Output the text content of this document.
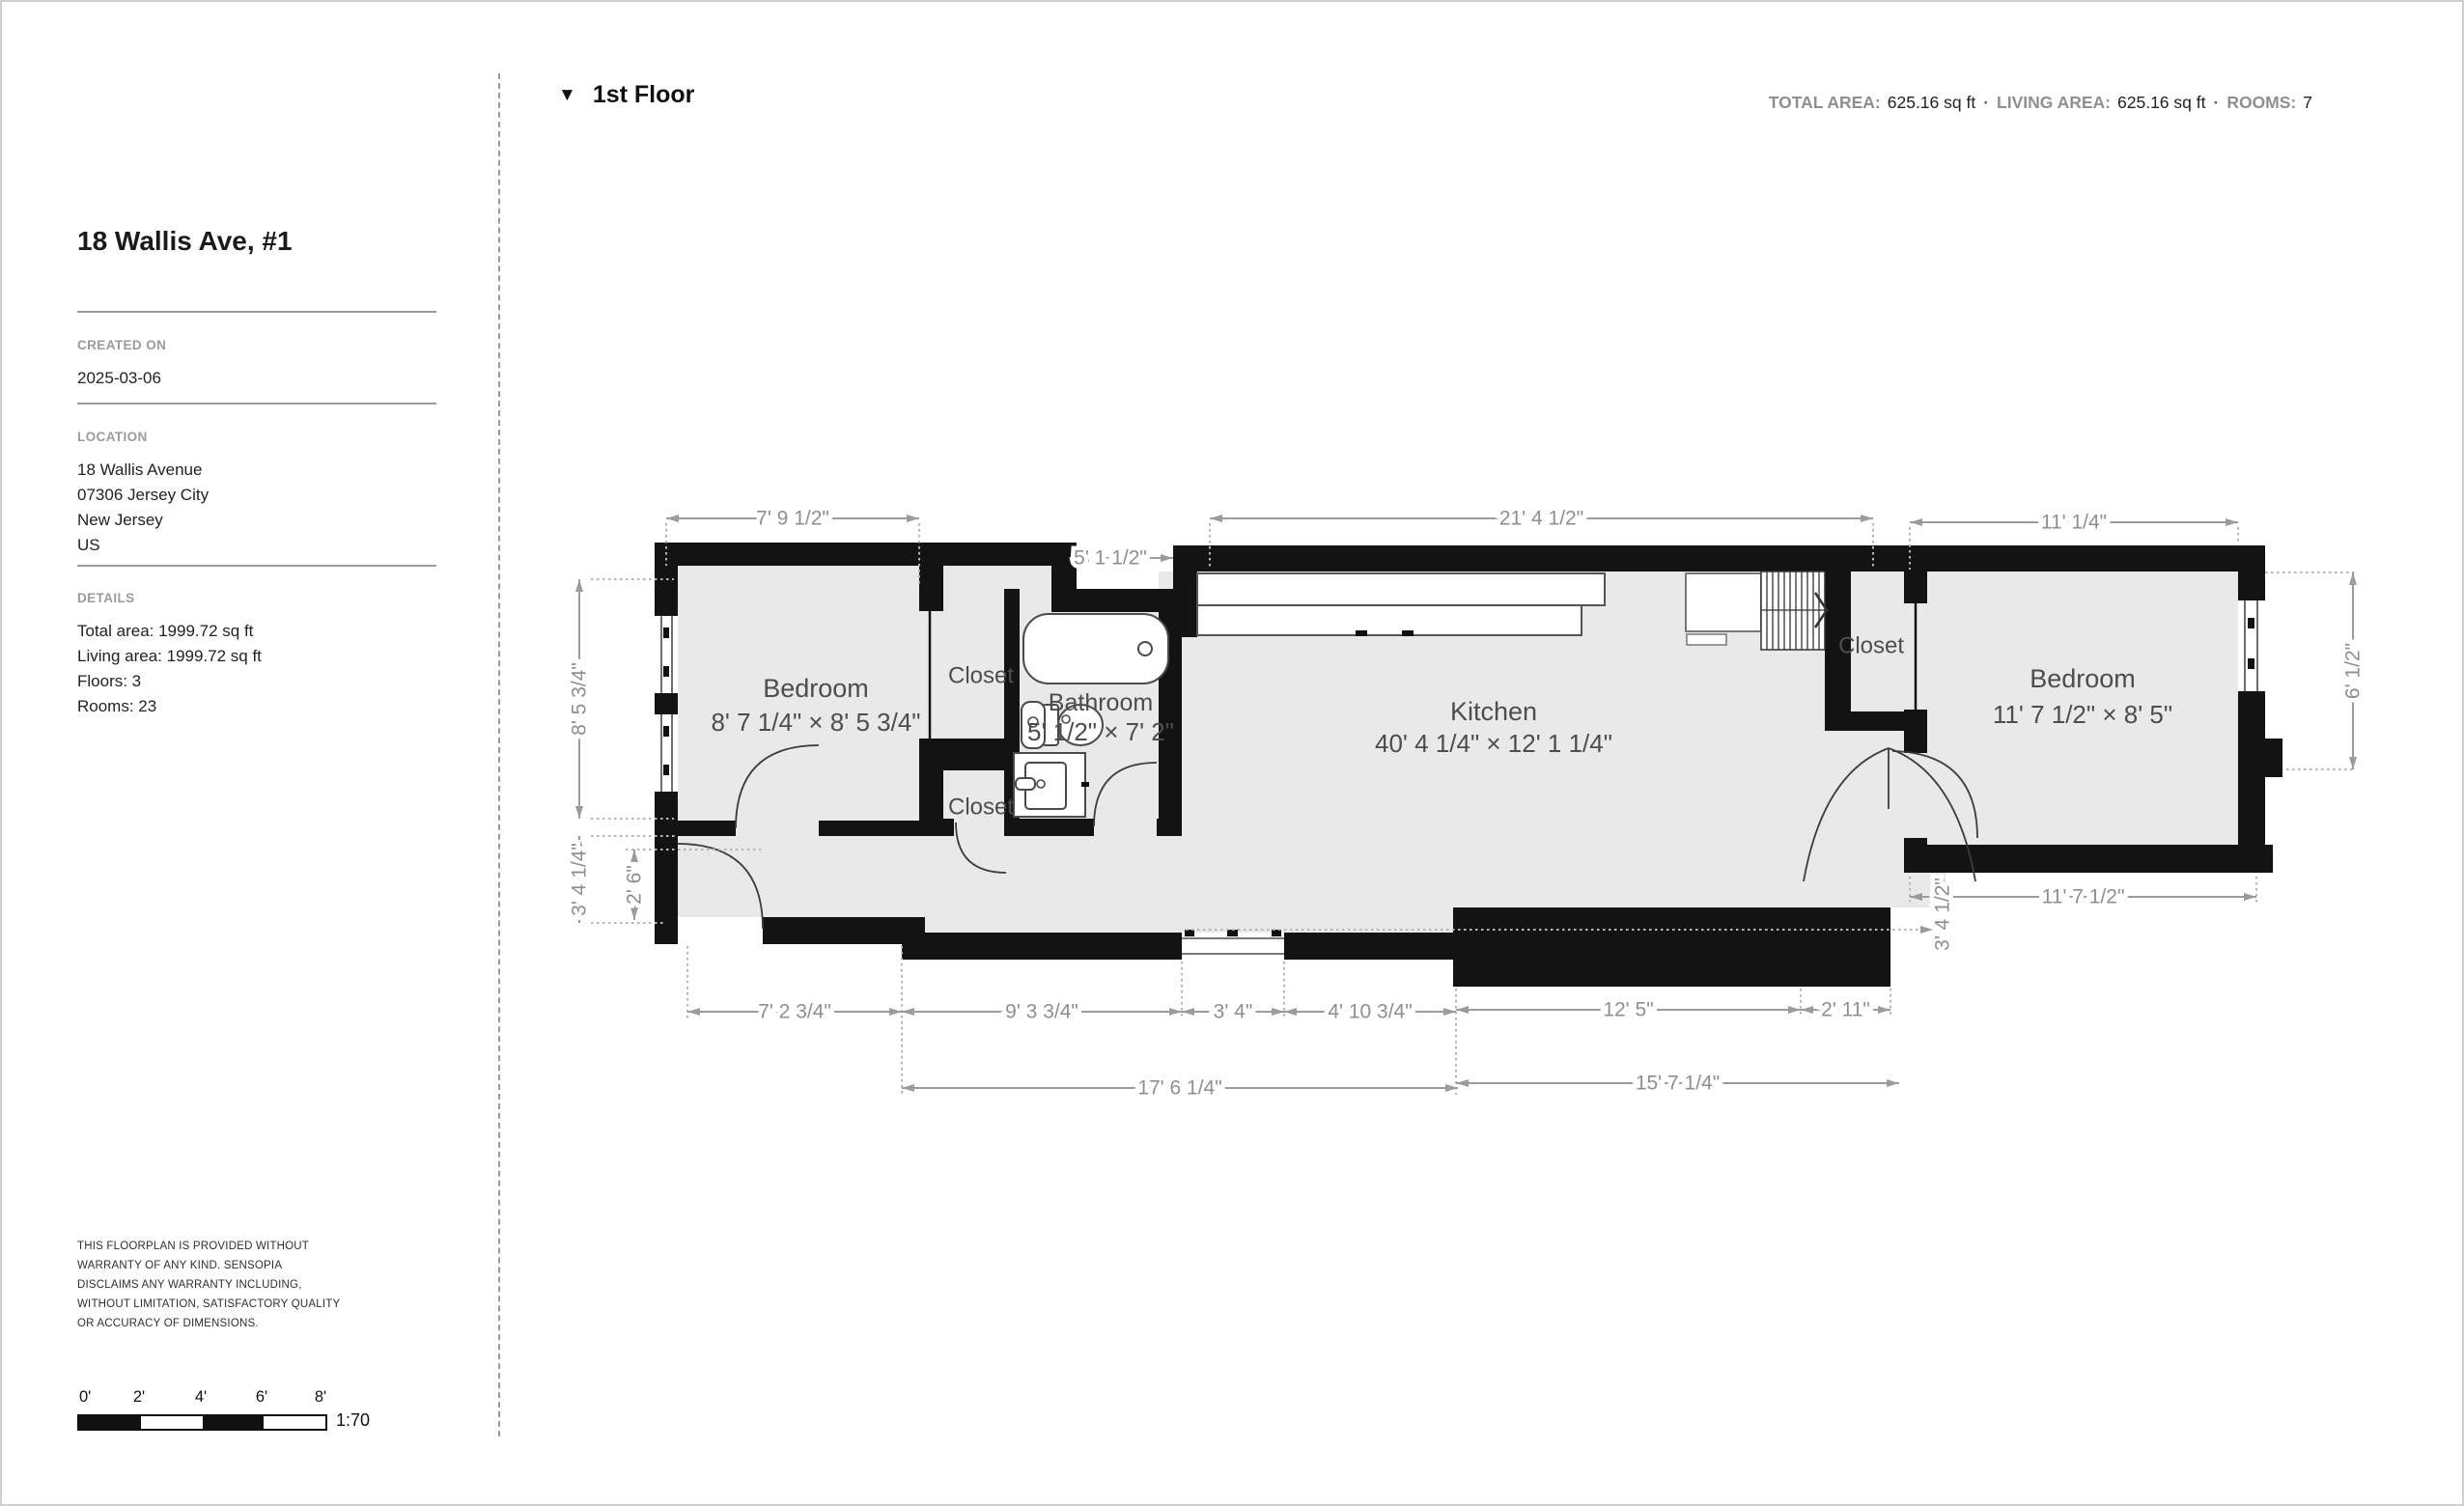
18 Wallis Ave, #1
CREATED ON
2025-03-06
LOCATION
18 Wallis Avenue
07306 Jersey City
New Jersey
US
DETAILS
Total area: 1999.72 sq ft
Living area: 1999.72 sq ft
Floors: 3
Rooms: 23
THIS FLOORPLAN IS PROVIDED WITHOUT
WARRANTY OF ANY KIND. SENSOPIA
DISCLAIMS ANY WARRANTY INCLUDING,
WITHOUT LIMITATION, SATISFACTORY QUALITY
OR ACCURACY OF DIMENSIONS.
0'	2'	4'	6'	8'
1:70
▼ 1st Floor	TOTAL AREA: 625.16 sq ft · LIVING AREA: 625.16 sq ft · ROOMS: 7
7' 9 1/2"
5' 1 1/2"
21' 4 1/2"	11' 1/4"
7' 2 3/4"	9' 3 3/4"	3' 4"	4' 10 3/4"	12' 5"	2' 11"
17' 6 1/4"	15' 7 1/4"
11' 7 1/2"
8' 5 3/4"
3' 4 1/4" 2' 6"
6' 1/2"
3' 4 1/2"
Bedroom
8' 7 1/4" × 8' 5 3/4"
Closet
Bathroom
5' 1/2" × 7' 2"
Closet
Kitchen
40' 4 1/4" × 12' 1 1/4"
Closet
Bedroom
11' 7 1/2" × 8' 5"
